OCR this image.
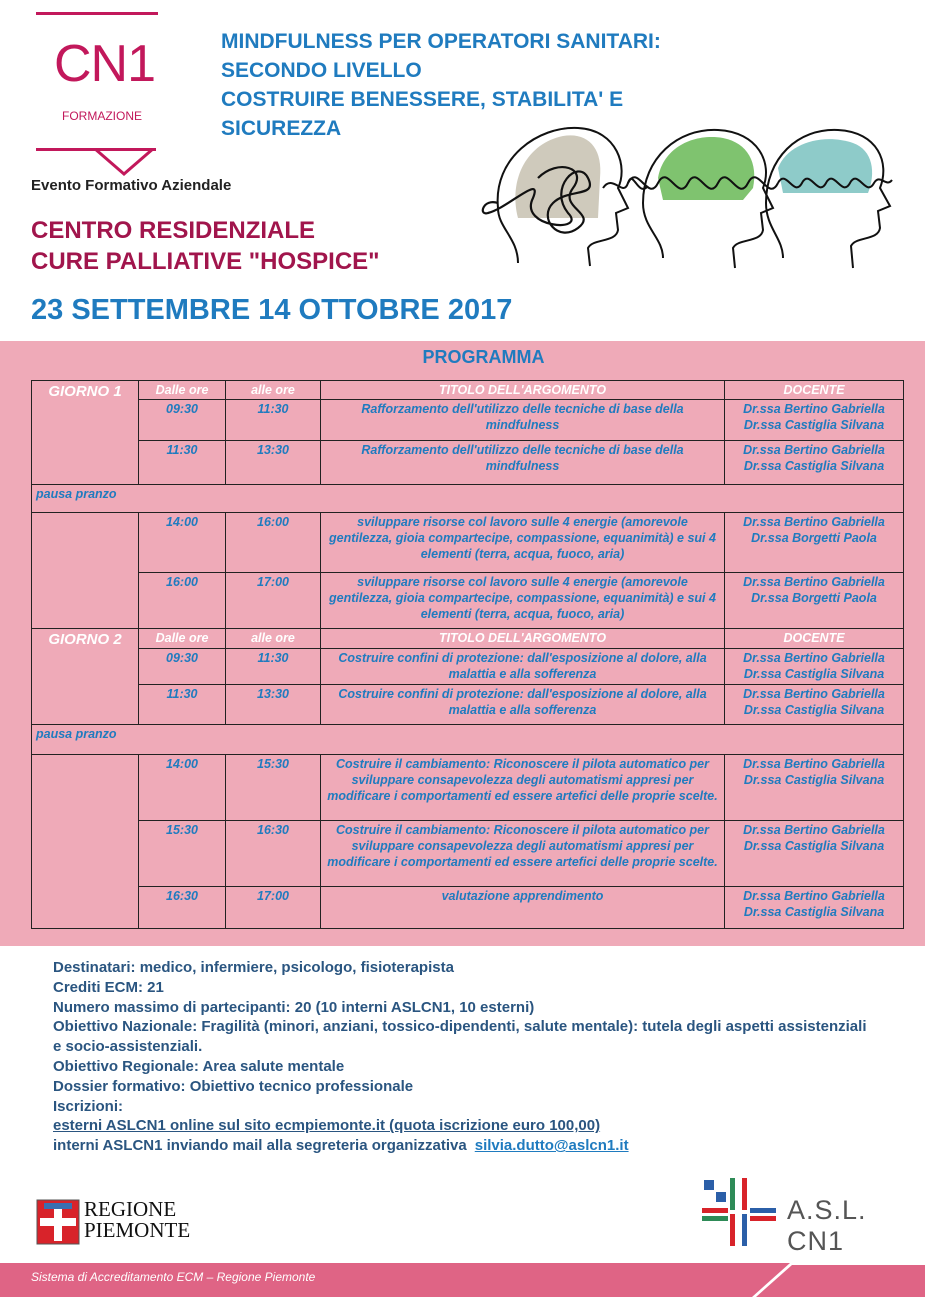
CN1
FORMAZIONE
Evento Formativo Aziendale
MINDFULNESS PER OPERATORI SANITARI:
SECONDO LIVELLO
COSTRUIRE BENESSERE, STABILITA' E
SICUREZZA
CENTRO RESIDENZIALE
CURE PALLIATIVE "HOSPICE"
23 SETTEMBRE 14 OTTOBRE 2017
PROGRAMMA
GIORNO 1	Dalle ore	alle ore	TITOLO DELL'ARGOMENTO	DOCENTE
	09:30	11:30	Rafforzamento dell'utilizzo delle tecniche di base della mindfulness	Dr.ssa Bertino Gabriella
Dr.ssa Castiglia Silvana

	11:30	13:30	Rafforzamento dell'utilizzo delle tecniche di base della mindfulness	Dr.ssa Bertino Gabriella
Dr.ssa Castiglia Silvana

pausa pranzo				
	14:00	16:00	sviluppare risorse col lavoro sulle 4 energie (amorevole gentilezza, gioia compartecipe, compassione, equanimità) e sui 4 elementi (terra, acqua, fuoco, aria)	Dr.ssa Bertino Gabriella
Dr.ssa Borgetti Paola

	16:00	17:00	sviluppare risorse col lavoro sulle 4 energie (amorevole gentilezza, gioia compartecipe, compassione, equanimità) e sui 4 elementi (terra, acqua, fuoco, aria)	Dr.ssa Bertino Gabriella
Dr.ssa Borgetti Paola

GIORNO 2	Dalle ore	alle ore	TITOLO DELL'ARGOMENTO	DOCENTE
	09:30	11:30	Costruire confini di protezione: dall'esposizione al dolore, alla malattia e alla sofferenza	Dr.ssa Bertino Gabriella
Dr.ssa Castiglia Silvana

	11:30	13:30	Costruire confini di protezione: dall'esposizione al dolore, alla malattia e alla sofferenza	Dr.ssa Bertino Gabriella
Dr.ssa Castiglia Silvana

pausa pranzo				
	14:00	15:30	Costruire il cambiamento: Riconoscere il pilota automatico per sviluppare consapevolezza degli automatismi appresi per modificare i comportamenti ed essere artefici delle proprie scelte.	Dr.ssa Bertino Gabriella
Dr.ssa Castiglia Silvana

	15:30	16:30	Costruire il cambiamento: Riconoscere il pilota automatico per sviluppare consapevolezza degli automatismi appresi per modificare i comportamenti ed essere artefici delle proprie scelte.	Dr.ssa Bertino Gabriella
Dr.ssa Castiglia Silvana

	16:30	17:00	valutazione apprendimento	Dr.ssa Bertino Gabriella
Dr.ssa Castiglia Silvana
Destinatari: medico, infermiere, psicologo, fisioterapista
Crediti ECM: 21
Numero massimo di partecipanti: 20 (10 interni ASLCN1, 10 esterni)
Obiettivo Nazionale: Fragilità (minori, anziani, tossico-dipendenti, salute mentale): tutela degli aspetti assistenziali e socio-assistenziali.
Obiettivo Regionale: Area salute mentale
Dossier formativo: Obiettivo tecnico professionale
Iscrizioni:
esterni ASLCN1 online sul sito ecmpiemonte.it (quota iscrizione euro 100,00)
interni ASLCN1 inviando mail alla segreteria organizzativa silvia.dutto@aslcn1.it
REGIONE
PIEMONTE
A.S.L. CN1
Sistema di Accreditamento ECM – Regione Piemonte
